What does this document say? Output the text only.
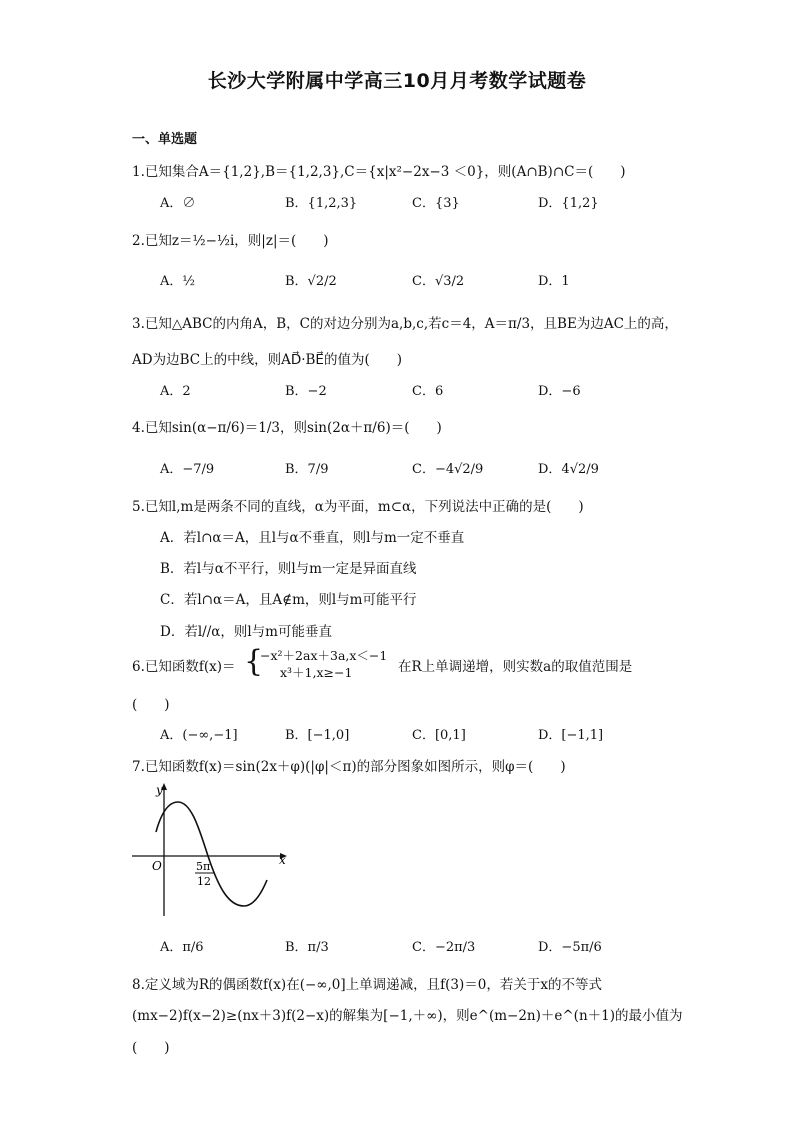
长沙大学附属中学高三10月月考数学试题卷
一、单选题
1.已知集合A＝{1,2},B＝{1,2,3},C＝{x|x²−2x−3 ＜0}，则(A∩B)∩C＝(　　)
A．∅	B．{1,2,3}	C．{3}	D．{1,2}
2.已知z＝½−½i，则|z|＝(　　)
A．½	B．√2/2	C．√3/2	D．1
3.已知△ABC的内角A，B，C的对边分别为a,b,c,若c＝4，A＝π/3，且BE为边AC上的高，
AD为边BC上的中线，则AD⃗·BE⃗的值为(　　)
A．2	B．−2	C．6	D．−6
4.已知sin(α−π/6)＝1/3，则sin(2α＋π/6)＝(　　)
A．−7/9	B．7/9	C．−4√2/9	D．4√2/9
5.已知l,m是两条不同的直线，α为平面，m⊂α，下列说法中正确的是(　　)
A．若l∩α＝A，且l与α不垂直，则l与m一定不垂直
B．若l与α不平行，则l与m一定是异面直线
C．若l∩α＝A，且A∉m，则l与m可能平行
D．若l//α，则l与m可能垂直
6.已知函数f(x)＝ {
−x²＋2ax＋3a,x＜−1
x³＋1,x≥−1	在R上单调递增，则实数a的取值范围是
(　　)
A．(−∞,−1]	B．[−1,0]	C．[0,1]	D．[−1,1]
7.已知函数f(x)＝sin(2x＋φ)(|φ|＜π)的部分图象如图所示，则φ＝(　　)
y
x
O	5π
12
A．π/6	B．π/3	C．−2π/3	D．−5π/6
8.定义域为R的偶函数f(x)在(−∞,0]上单调递减，且f(3)＝0，若关于x的不等式
(mx−2)f(x−2)≥(nx＋3)f(2−x)的解集为[−1,＋∞)，则e^(m−2n)＋e^(n＋1)的最小值为
(　　)
